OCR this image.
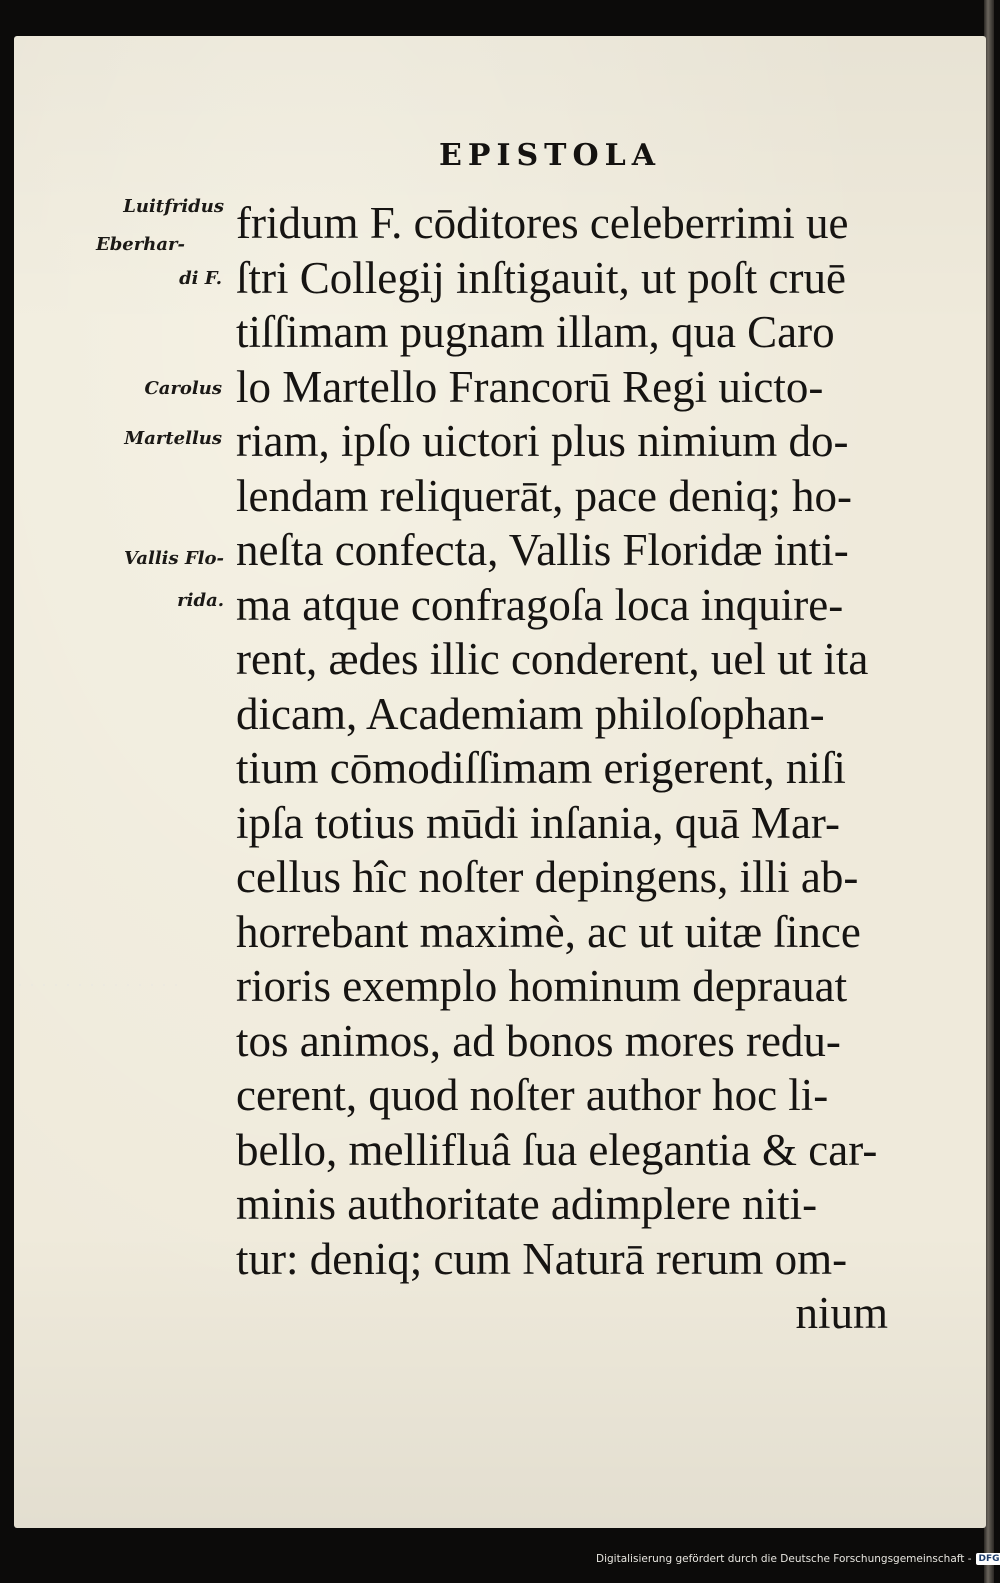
EPISTOLA
Luitfridus
Eberhar-
di F.
Carolus
Martellus
Vallis Flo-
rida.
fridum F. cōditores celeberrimi ue
ſtri Collegij inſtigauit, ut poſt cruē
tiſſimam pugnam illam, qua Caro
lo Martello Francorū Regi uicto-
riam, ipſo uictori plus nimium do-
lendam reliquerāt, pace deniq; ho-
neſta confecta, Vallis Floridæ inti-
ma atque confragoſa loca inquire-
rent, ædes illic conderent, uel ut ita
dicam, Academiam philoſophan-
tium cōmodiſſimam erigerent, niſi
ipſa totius mūdi inſania, quā Mar-
cellus hîc noſter depingens, illi ab-
horrebant maximè, ac ut uitæ ſince
rioris exemplo hominum deprauat
tos animos, ad bonos mores redu-
cerent, quod noſter author hoc li-
bello, mellifluâ ſua elegantia & car-
minis authoritate adimplere niti-
tur: deniq; cum Naturā rerum om-
nium
Digitalisierung gefördert durch die Deutsche Forschungsgemeinschaft - DFG
